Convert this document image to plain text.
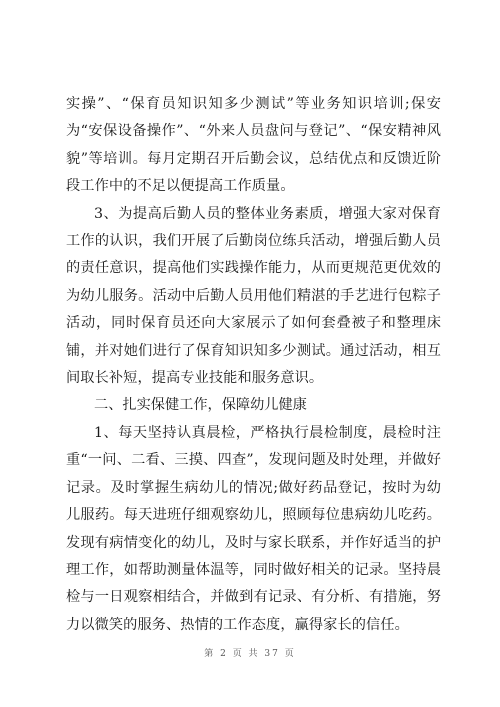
实操”、“保育员知识知多少测试”等业务知识培训;保安为“安保设备操作”、“外来人员盘问与登记”、“保安精神风貌”等培训。每月定期召开后勤会议，总结优点和反馈近阶段工作中的不足以便提高工作质量。

3、为提高后勤人员的整体业务素质，增强大家对保育工作的认识，我们开展了后勤岗位练兵活动，增强后勤人员的责任意识，提高他们实践操作能力，从而更规范更优效的为幼儿服务。活动中后勤人员用他们精湛的手艺进行包粽子活动，同时保育员还向大家展示了如何套叠被子和整理床铺，并对她们进行了保育知识知多少测试。通过活动，相互间取长补短，提高专业技能和服务意识。

二、扎实保健工作，保障幼儿健康

1、每天坚持认真晨检，严格执行晨检制度，晨检时注重“一问、二看、三摸、四查”，发现问题及时处理，并做好记录。及时掌握生病幼儿的情况;做好药品登记，按时为幼儿服药。每天进班仔细观察幼儿，照顾每位患病幼儿吃药。发现有病情变化的幼儿，及时与家长联系，并作好适当的护理工作，如帮助测量体温等，同时做好相关的记录。坚持晨检与一日观察相结合，并做到有记录、有分析、有措施，努力以微笑的服务、热情的工作态度，赢得家长的信任。

第 2 页 共 37 页
